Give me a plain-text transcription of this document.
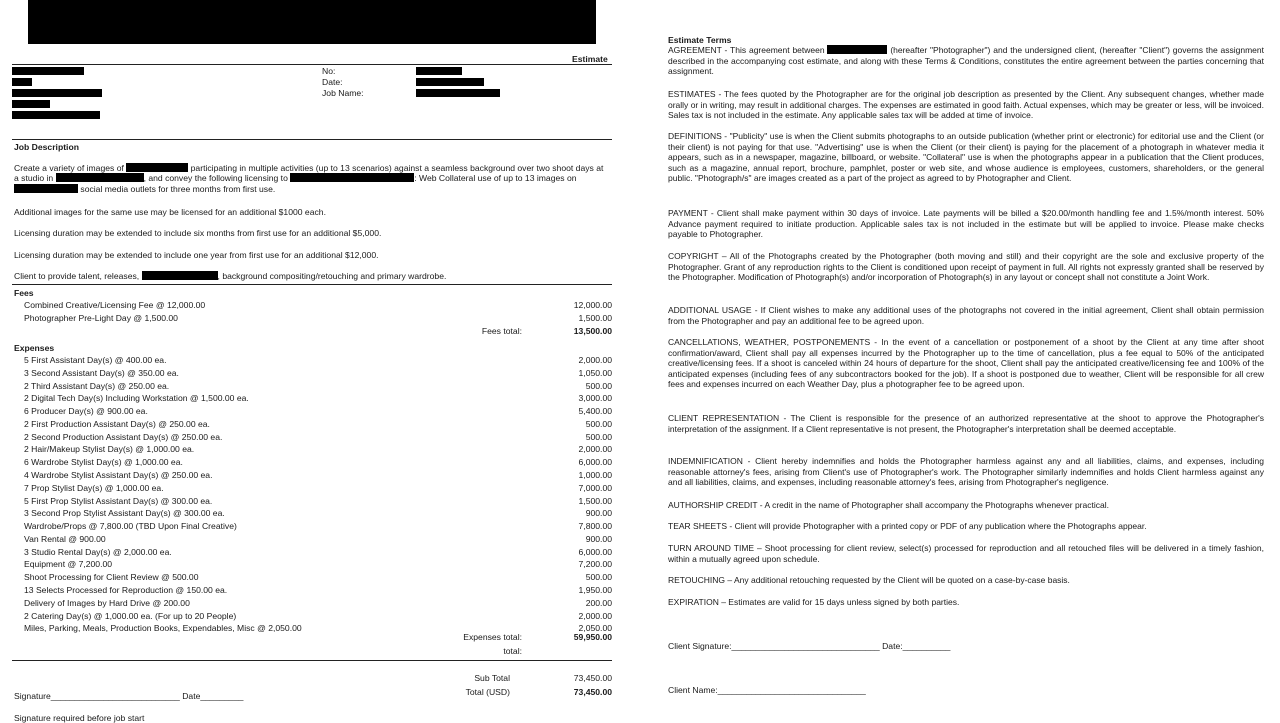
Estimate
No:
Date:
Job Name:
Job Description

Create a variety of images of	participating in multiple activities (up to 13 scenarios) against a seamless background over two shoot days at a studio in	, and convey the following licensing to	: Web Collateral use of up to 13 images on  social media outlets for three months from first use.

Additional images for the same use may be licensed for an additional $1000 each.

Licensing duration may be extended to include six months from first use for an additional $5,000.

Licensing duration may be extended to include one year from first use for an additional $12,000.

Client to provide talent, releases,	, background compositing/retouching and primary wardrobe.

Fees
Combined Creative/Licensing Fee @ 12,000.00	12,000.00
Photographer Pre-Light Day @ 1,500.00	1,500.00
Fees total:	13,500.00
Expenses
5 First Assistant Day(s) @ 400.00 ea.	2,000.00
3 Second Assistant Day(s) @ 350.00 ea.	1,050.00
2 Third Assistant Day(s) @ 250.00 ea.	500.00
2 Digital Tech Day(s) Including Workstation @ 1,500.00 ea.	3,000.00
6 Producer Day(s) @ 900.00 ea.	5,400.00
2 First Production Assistant Day(s) @ 250.00 ea.	500.00
2 Second Production Assistant Day(s) @ 250.00 ea.	500.00
2 Hair/Makeup Stylist Day(s) @ 1,000.00 ea.	2,000.00
6 Wardrobe Stylist Day(s) @ 1,000.00 ea.	6,000.00
4 Wardrobe Stylist Assistant Day(s) @ 250.00 ea.	1,000.00
7 Prop Stylist Day(s) @ 1,000.00 ea.	7,000.00
5 First Prop Stylist Assistant Day(s) @ 300.00 ea.	1,500.00
3 Second Prop Stylist Assistant Day(s) @ 300.00 ea.	900.00
Wardrobe/Props @ 7,800.00 (TBD Upon Final Creative)	7,800.00
Van Rental @ 900.00	900.00
3 Studio Rental Day(s) @ 2,000.00 ea.	6,000.00
Equipment @ 7,200.00	7,200.00
Shoot Processing for Client Review @ 500.00	500.00
13 Selects Processed for Reproduction @ 150.00 ea.	1,950.00
Delivery of Images by Hard Drive @ 200.00	200.00
2 Catering Day(s) @ 1,000.00 ea. (For up to 20 People)	2,000.00
Miles, Parking, Meals, Production Books, Expendables, Misc @ 2,050.00	2,050.00
Expenses total:	59,950.00
total:
Sub Total	73,450.00
Total (USD)	73,450.00
Signature___________________________ Date_________
Signature required before job start
Estimate Terms

AGREEMENT - This agreement between	(hereafter "Photographer") and the undersigned client, (hereafter "Client") governs the assignment described in the accompanying cost estimate, and along with these Terms & Conditions, constitutes the entire agreement between the parties concerning that assignment.

ESTIMATES - The fees quoted by the Photographer are for the original job description as presented by the Client. Any subsequent changes, whether made orally or in writing, may result in additional charges. The expenses are estimated in good faith. Actual expenses, which may be greater or less, will be invoiced. Sales tax is not included in the estimate. Any applicable sales tax will be added at time of invoice.

DEFINITIONS - "Publicity" use is when the Client submits photographs to an outside publication (whether print or electronic) for editorial use and the Client (or their client) is not paying for that use. "Advertising" use is when the Client (or their client) is paying for the placement of a photograph in whatever media it appears, such as in a newspaper, magazine, billboard, or website. "Collateral" use is when the photographs appear in a publication that the Client produces, such as a magazine, annual report, brochure, pamphlet, poster or web site, and whose audience is employees, customers, shareholders, or the general public. "Photograph/s" are images created as a part of the project as agreed to by Photographer and Client.

PAYMENT - Client shall make payment within 30 days of invoice. Late payments will be billed a $20.00/month handling fee and 1.5%/month interest. 50% Advance payment required to initiate production. Applicable sales tax is not included in the estimate but will be applied to invoice. Please make checks payable to Photographer.

COPYRIGHT – All of the Photographs created by the Photographer (both moving and still) and their copyright are the sole and exclusive property of the Photographer. Grant of any reproduction rights to the Client is conditioned upon receipt of payment in full. All rights not expressly granted shall be reserved by the Photographer. Modification of Photograph(s) and/or incorporation of Photograph(s) in any layout or concept shall not constitute a Joint Work.

ADDITIONAL USAGE - If Client wishes to make any additional uses of the photographs not covered in the initial agreement, Client shall obtain permission from the Photographer and pay an additional fee to be agreed upon.

CANCELLATIONS, WEATHER, POSTPONEMENTS - In the event of a cancellation or postponement of a shoot by the Client at any time after shoot confirmation/award, Client shall pay all expenses incurred by the Photographer up to the time of cancellation, plus a fee equal to 50% of the anticipated creative/licensing fees. If a shoot is canceled within 24 hours of departure for the shoot, Client shall pay the anticipated creative/licensing fee and 100% of the anticipated expenses (including fees of any subcontractors booked for the job). If a shoot is postponed due to weather, Client will be responsible for all crew fees and expenses incurred on each Weather Day, plus a photographer fee to be agreed upon.

CLIENT REPRESENTATION - The Client is responsible for the presence of an authorized representative at the shoot to approve the Photographer's interpretation of the assignment. If a Client representative is not present, the Photographer's interpretation shall be deemed acceptable.

INDEMNIFICATION - Client hereby indemnifies and holds the Photographer harmless against any and all liabilities, claims, and expenses, including reasonable attorney's fees, arising from Client's use of Photographer's work. The Photographer similarly indemnifies and holds Client harmless against any and all liabilities, claims, and expenses, including reasonable attorney's fees, arising from Photographer's negligence.

AUTHORSHIP CREDIT - A credit in the name of Photographer shall accompany the Photographs whenever practical.

TEAR SHEETS - Client will provide Photographer with a printed copy or PDF of any publication where the Photographs appear.

TURN AROUND TIME – Shoot processing for client review, select(s) processed for reproduction and all retouched files will be delivered in a timely fashion, within a mutually agreed upon schedule.

RETOUCHING – Any additional retouching requested by the Client will be quoted on a case-by-case basis.

EXPIRATION – Estimates are valid for 15 days unless signed by both parties.

Client Signature:_______________________________ Date:__________
Client Name:_______________________________
